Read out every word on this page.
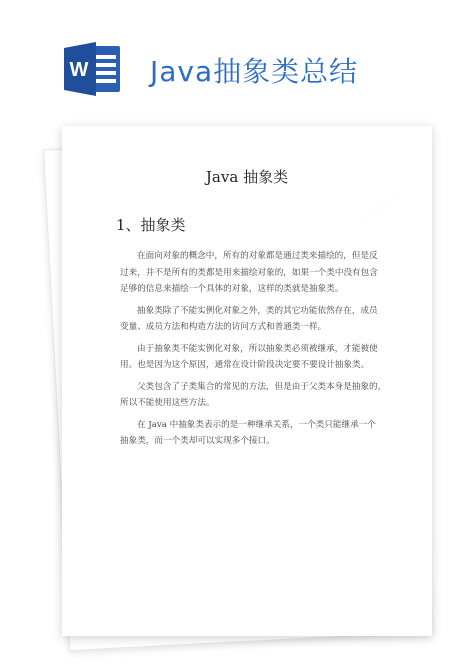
W Java抽象类总结
Java 抽象类
1、抽象类

在面向对象的概念中，所有的对象都是通过类来描绘的，但是反
过来，并不是所有的类都是用来描绘对象的，如果一个类中没有包含
足够的信息来描绘一个具体的对象，这样的类就是抽象类。

抽象类除了不能实例化对象之外，类的其它功能依然存在，成员
变量、成员方法和构造方法的访问方式和普通类一样。

由于抽象类不能实例化对象，所以抽象类必须被继承，才能被使
用。也是因为这个原因，通常在设计阶段决定要不要设计抽象类。

父类包含了子类集合的常见的方法，但是由于父类本身是抽象的，
所以不能使用这些方法。

在 Java 中抽象类表示的是一种继承关系，一个类只能继承一个
抽象类，而一个类却可以实现多个接口。
